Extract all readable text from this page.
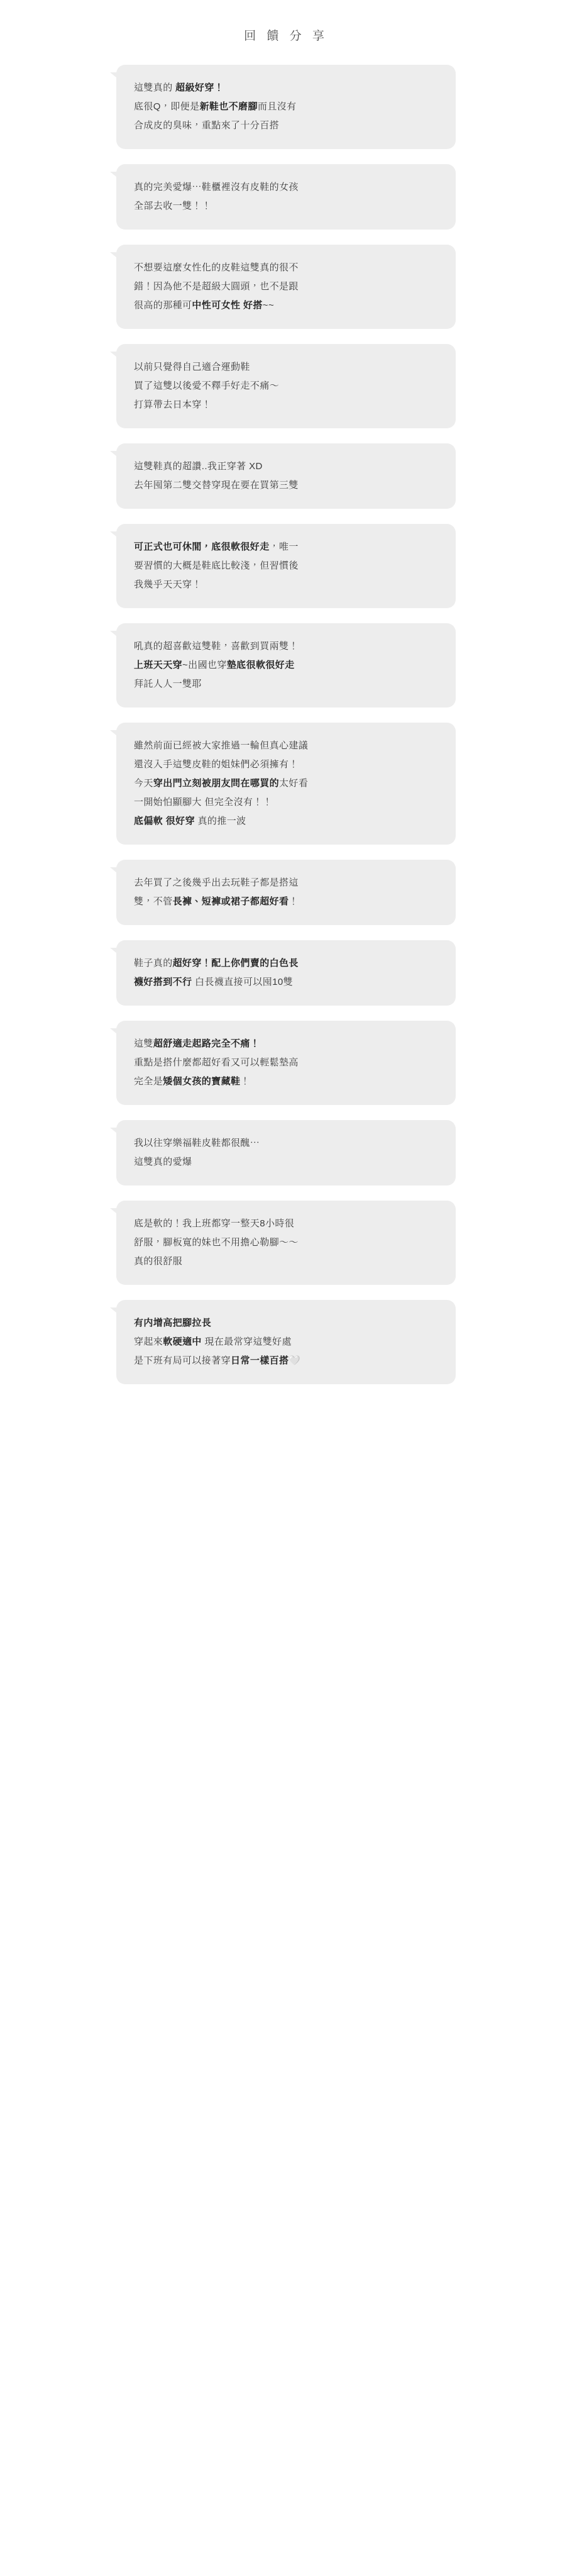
回 饋 分 享
這雙真的 超級好穿！
底很Q，即便是新鞋也不磨腳而且沒有
合成皮的臭味，重點來了十分百搭
真的完美愛爆⋯鞋櫃裡沒有皮鞋的女孩
全部去收一雙！！
不想要這麼女性化的皮鞋這雙真的很不
錯！因為他不是超級大圓頭，也不是跟
很高的那種可中性可女性 好搭~~
以前只覺得自己適合運動鞋
買了這雙以後愛不釋手好走不痛～
打算帶去日本穿！
這雙鞋真的超讚..我正穿著 XD
去年囤第二雙交替穿現在要在買第三雙
可正式也可休閒，底很軟很好走，唯一
要習慣的大概是鞋底比較淺，但習慣後
我幾乎天天穿！
吼真的超喜歡這雙鞋，喜歡到買兩雙！
上班天天穿~出國也穿墊底很軟很好走
拜託人人一雙耶
雖然前面已經被大家推過一輪但真心建議
還沒入手這雙皮鞋的姐妹們必須擁有！
今天穿出門立刻被朋友問在哪買的太好看
一開始怕顯腳大 但完全沒有！！
底偏軟 很好穿 真的推一波
去年買了之後幾乎出去玩鞋子都是搭這
雙，不管長褲、短褲或裙子都超好看！
鞋子真的超好穿！配上你們賣的白色長
襪好搭到不行 白長襪直接可以囤10雙
這雙超舒適走起路完全不痛！
重點是搭什麼都超好看又可以輕鬆墊高
完全是矮個女孩的寶藏鞋！
我以往穿樂福鞋皮鞋都很醜⋯
這雙真的愛爆
底是軟的！我上班都穿一整天8小時很
舒服，腳板寬的妹也不用擔心勒腳～～
真的很舒服
有内增高把腳拉長
穿起來軟硬適中 現在最常穿這雙好處
是下班有局可以接著穿日常一樣百搭🤍
